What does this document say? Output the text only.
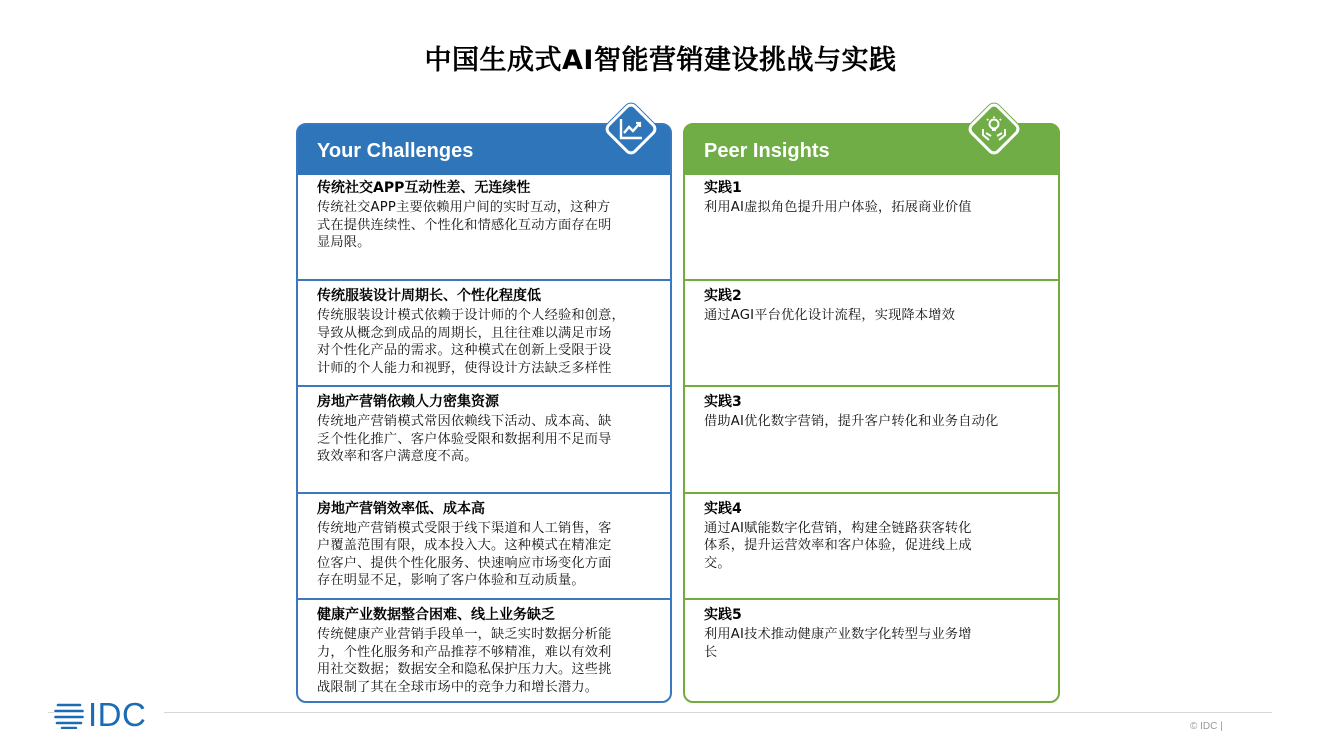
中国生成式AI智能营销建设挑战与实践
Your Challenges
传统社交APP互动性差、无连续性
传统社交APP主要依赖用户间的实时互动，这种方
式在提供连续性、个性化和情感化互动方面存在明
显局限。
传统服装设计周期长、个性化程度低
传统服装设计模式依赖于设计师的个人经验和创意，
导致从概念到成品的周期长，且往往难以满足市场
对个性化产品的需求。这种模式在创新上受限于设
计师的个人能力和视野，使得设计方法缺乏多样性
房地产营销依赖人力密集资源
传统地产营销模式常因依赖线下活动、成本高、缺
乏个性化推广、客户体验受限和数据利用不足而导
致效率和客户满意度不高。
房地产营销效率低、成本高
传统地产营销模式受限于线下渠道和人工销售，客
户覆盖范围有限，成本投入大。这种模式在精准定
位客户、提供个性化服务、快速响应市场变化方面
存在明显不足，影响了客户体验和互动质量。
健康产业数据整合困难、线上业务缺乏
传统健康产业营销手段单一，缺乏实时数据分析能
力，个性化服务和产品推荐不够精准，难以有效利
用社交数据；数据安全和隐私保护压力大。这些挑
战限制了其在全球市场中的竞争力和增长潜力。
Peer Insights
实践1
利用AI虚拟角色提升用户体验，拓展商业价值
实践2
通过AGI平台优化设计流程，实现降本增效
实践3
借助AI优化数字营销，提升客户转化和业务自动化
实践4
通过AI赋能数字化营销，构建全链路获客转化
体系，提升运营效率和客户体验，促进线上成
交。
实践5
利用AI技术推动健康产业数字化转型与业务增
长
IDC	© IDC |
